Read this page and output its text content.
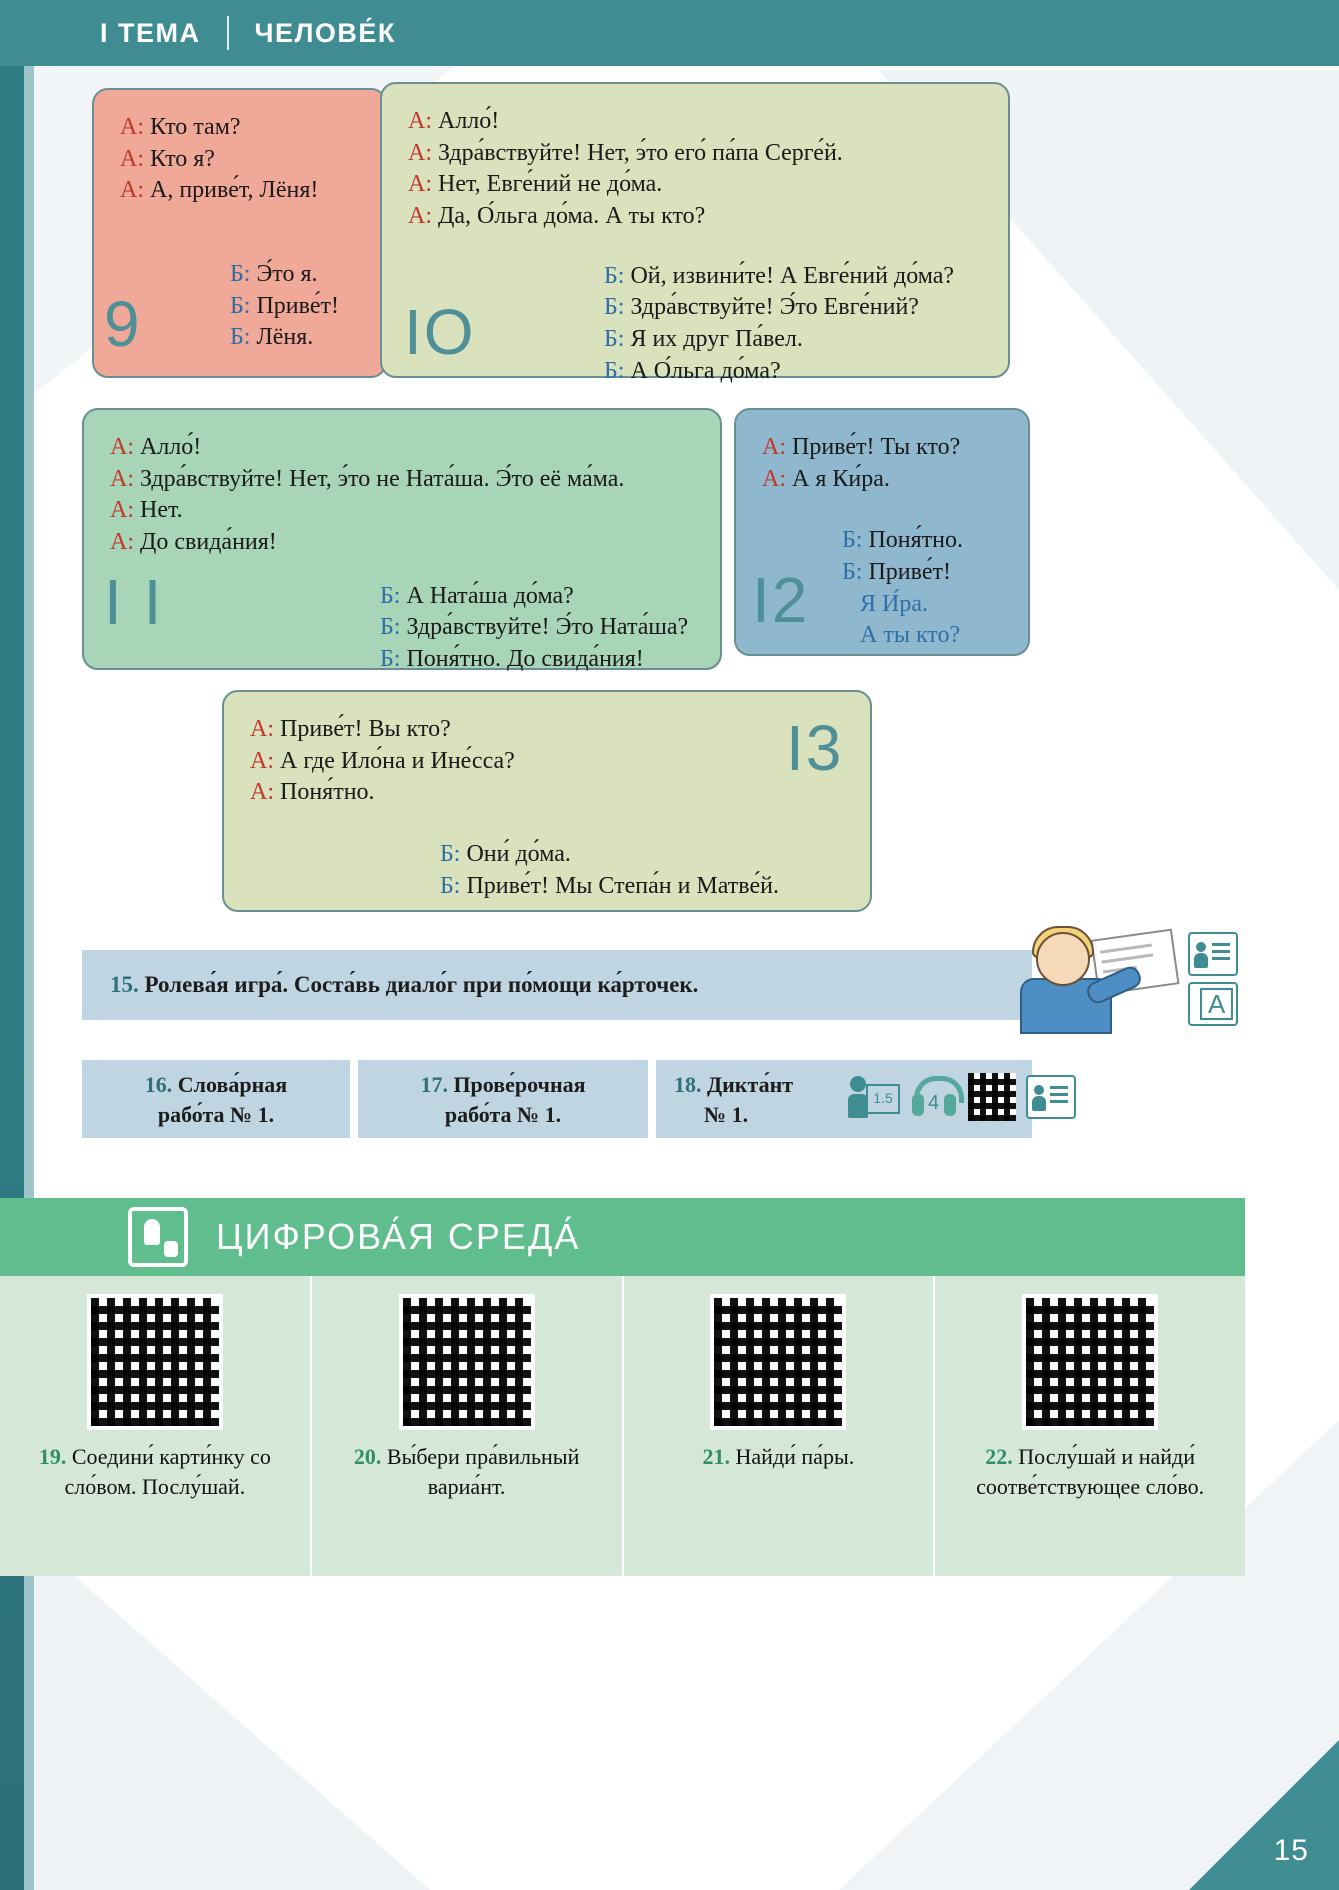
I ТЕМА ЧЕЛОВЕ́К
А: Кто там?
А: Кто я?
А: А, приве́т, Лёня!
Б: Э́то я.
Б: Приве́т!
Б: Лёня.
9
А: Алло́!
А: Здра́вствуйте! Нет, э́то его́ па́па Серге́й.
А: Нет, Евге́ний не до́ма.
А: Да, О́льга до́ма. А ты кто?
Б: Ой, извини́те! А Евге́ний до́ма?
Б: Здра́вствуйте! Э́то Евге́ний?
Б: Я их друг Па́вел.
Б: А О́льга до́ма?
IО
А: Алло́!
А: Здра́вствуйте! Нет, э́то не Ната́ша. Э́то её ма́ма.
А: Нет.
А: До свида́ния!
Б: А Ната́ша до́ма?
Б: Здра́вствуйте! Э́то Ната́ша?
Б: Поня́тно. До свида́ния!
I I
А: Приве́т! Ты кто?
А: А я Ки́ра.
Б: Поня́тно.
Б: Приве́т!
Я И́ра.
А ты кто?
I2
А: Приве́т! Вы кто?
А: А где Ило́на и Ине́сса?
А: Поня́тно.
Б: Они́ до́ма.
Б: Приве́т! Мы Степа́н и Матве́й.
I3
15. Ролева́я игра́. Соста́вь диало́г при по́мощи ка́рточек.
A
16. Слова́рная
рабо́та № 1.
17. Прове́рочная
рабо́та № 1.
18. Дикта́нт
№ 1.
1.5	4
ЦИФРОВА́Я СРЕДА́
19. Соедини́ карти́нку со сло́вом. Послу́шай.
20. Вы́бери пра́вильный вариа́нт.
21. Найди́ па́ры.	22. Послу́шай и найди́ соотве́тствующее сло́во.
15
